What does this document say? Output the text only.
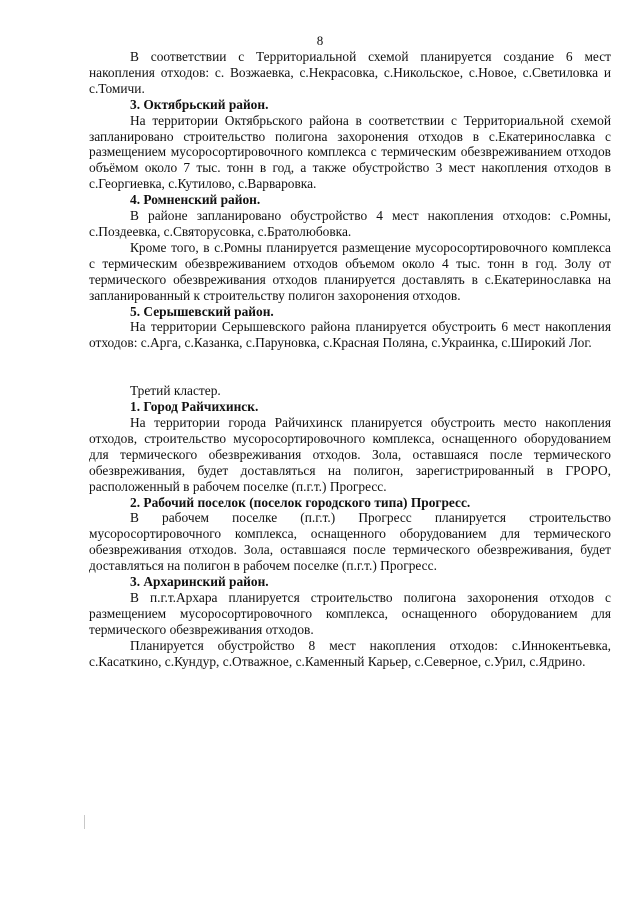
8

В соответствии с Территориальной схемой планируется создание 6 мест накопления отходов: с. Возжаевка, с.Некрасовка, с.Никольское, с.Новое, с.Светиловка и с.Томичи.

3. Октябрьский район.

На территории Октябрьского района в соответствии с Территориальной схемой запланировано строительство полигона захоронения отходов в с.Екатеринославка с размещением мусоросортировочного комплекса с термическим обезвреживанием отходов объёмом около 7 тыс. тонн в год, а также обустройство 3 мест накопления отходов в с.Георгиевка, с.Кутилово, с.Варваровка.

4. Ромненский район.

В районе запланировано обустройство 4 мест накопления отходов: с.Ромны, с.Поздеевка, с.Святорусовка, с.Братолюбовка.

Кроме того, в с.Ромны планируется размещение мусоросортировочного комплекса с термическим обезвреживанием отходов объемом около 4 тыс. тонн в год. Золу от термического обезвреживания отходов планируется доставлять в с.Екатеринославка на запланированный к строительству полигон захоронения отходов.

5. Серышевский район.

На территории Серышевского района планируется обустроить 6 мест накопления отходов: с.Арга, с.Казанка, с.Паруновка, с.Красная Поляна, с.Украинка, с.Широкий Лог.

Третий кластер.

1. Город Райчихинск.

На территории города Райчихинск планируется обустроить место накопления отходов, строительство мусоросортировочного комплекса, оснащенного оборудованием для термического обезвреживания отходов. Зола, оставшаяся после термического обезвреживания, будет доставляться на полигон, зарегистрированный в ГРОРО, расположенный в рабочем поселке (п.г.т.) Прогресс.

2. Рабочий поселок (поселок городского типа) Прогресс.

В рабочем поселке (п.г.т.) Прогресс планируется строительство мусоросортировочного комплекса, оснащенного оборудованием для термического обезвреживания отходов. Зола, оставшаяся после термического обезвреживания, будет доставляться на полигон в рабочем поселке (п.г.т.) Прогресс.

3. Архаринский район.

В п.г.т.Архара планируется строительство полигона захоронения отходов с размещением мусоросортировочного комплекса, оснащенного оборудованием для термического обезвреживания отходов.

Планируется обустройство 8 мест накопления отходов: с.Иннокентьевка, с.Касаткино, с.Кундур, с.Отважное, с.Каменный Карьер, с.Северное, с.Урил, с.Ядрино.
